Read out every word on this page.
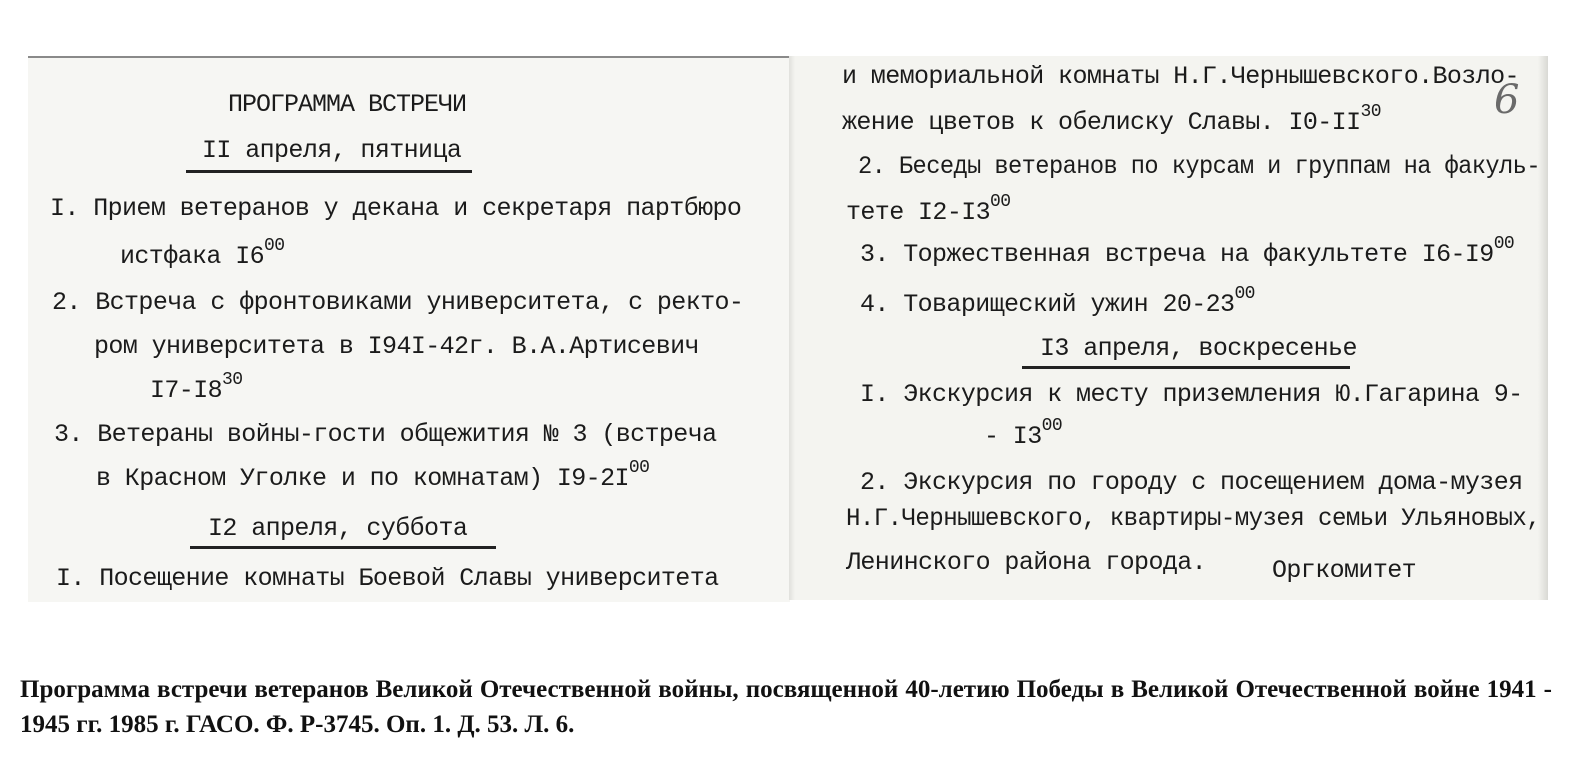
ПРОГРАММА ВСТРЕЧИ
II апреля, пятница
I. Прием ветеранов у декана и секретаря партбюро
истфака $I6^{00}$
2. Встреча с фронтовиками университета, с ректо-
ром университета в I94I-42г. В.А.Артисевич
$I7-I8^{30}$
3. Ветераны войны-гости общежития № 3 (встреча
в Красном Уголке и по комнатам) $I9-2I^{00}$
I2 апреля, суббота
I. Посещение комнаты Боевой Славы университета
и мемориальной комнаты Н.Г.Чернышевского.Возло-
жение цветов к обелиску Славы. I0-II$^{30}$	6
2. Беседы ветеранов по курсам и группам на факуль-
тете $I2-I3^{00}$
3. Торжественная встреча на факультете $I6-I9^{00}$
4. Товарищеский ужин $20-23^{00}$
I3 апреля, воскресенье
I. Экскурсия к месту приземления Ю.Гагарина 9-
- $I3^{00}$
2. Экскурсия по городу с посещением дома-музея
Н.Г.Чернышевского, квартиры-музея семьи Ульяновых,
Ленинского района города.	Оргкомитет
Программа встречи ветеранов Великой Отечественной войны, посвященной 40-летию Победы в Великой Отечественной войне 1941 - 1945 гг. 1985 г. ГАСО. Ф. Р-3745. Оп. 1. Д. 53. Л. 6.
